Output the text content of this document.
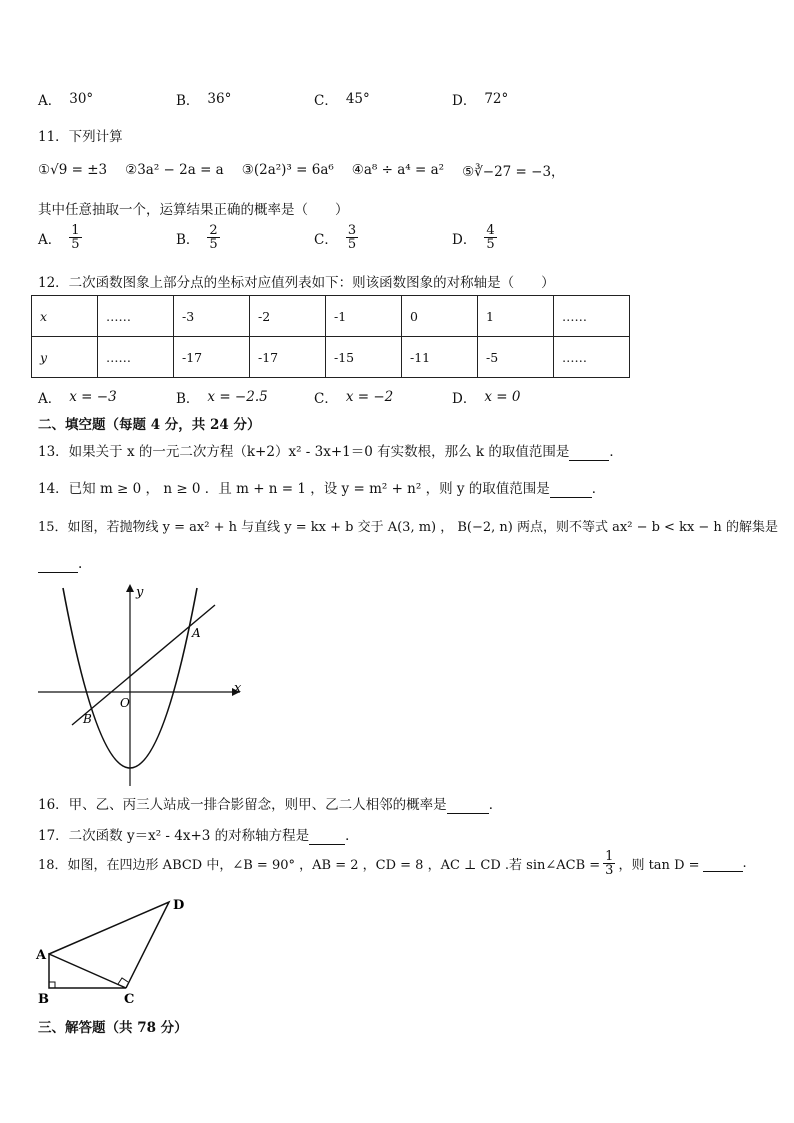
A． 30°	B． 36°	C． 45°	D． 72°
11．下列计算
①√9 = ±3 ②3a² − 2a = a ③(2a²)³ = 6a⁶ ④a⁸ ÷ a⁴ = a² ⑤∛−27 = −3，
其中任意抽取一个，运算结果正确的概率是（　　）
A． $\frac{1}{5}$	B． $\frac{2}{5}$	C． $\frac{3}{5}$	D． $\frac{4}{5}$
12．二次函数图象上部分点的坐标对应值列表如下：则该函数图象的对称轴是（　　）
x	……	-3	-2	-1	0	1	……
y	……	-17	-17	-15	-11	-5	……
A． x = −3	B． x = −2.5	C． x = −2	D． x = 0
二、填空题（每题 4 分，共 24 分）
13．如果关于 x 的一元二次方程（k+2）x² - 3x+1＝0 有实数根，那么 k 的取值范围是	．
14．已知 m ≥ 0 ， n ≥ 0 ．且 m + n = 1 ，设 y = m² + n² ，则 y 的取值范围是	．
15．如图，若抛物线 y = ax² + h 与直线 y = kx + b 交于 A(3, m) ， B(−2, n) 两点，则不等式 ax² − b < kx − h 的解集是
.
y
x
O
A
B
16．甲、乙、丙三人站成一排合影留念，则甲、乙二人相邻的概率是	．
17．二次函数 y＝x² - 4x+3 的对称轴方程是	．
18．如图，在四边形 ABCD 中，∠B = 90° ，AB = 2 ，CD = 8 ，AC ⊥ CD .若 sin∠ACB = $\frac{1}{3}$ ，则 tan D =
	.
A
B	C
D
三、解答题（共 78 分）
